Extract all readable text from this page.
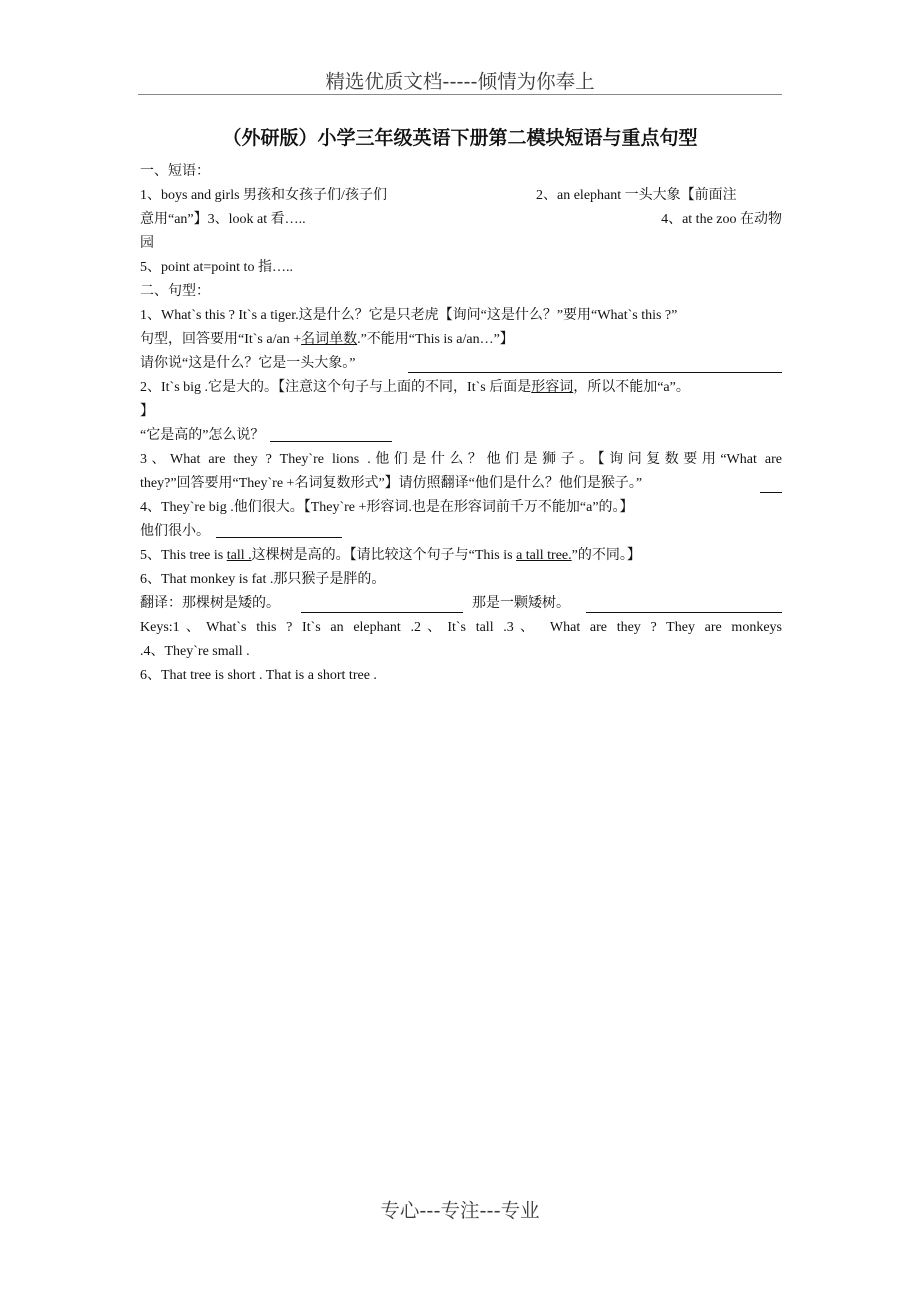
精选优质文档-----倾情为你奉上
（外研版）小学三年级英语下册第二模块短语与重点句型
一、短语：
1、boys and girls 男孩和女孩子们/孩子们	2、an elephant 一头大象【前面注
意用“an”】3、look at 看…..	4、at the zoo 在动物
园
5、point at=point to 指…..
二、句型：
1、What`s this ? It`s a tiger.这是什么？它是只老虎【询问“这是什么？”要用“What`s this ?”
句型，回答要用“It`s a/an +名词单数.”不能用“This is a/an…”】
请你说“这是什么？它是一头大象。”
2、It`s big .它是大的。【注意这个句子与上面的不同，It`s 后面是形容词，所以不能加“a”。
】
“它是高的”怎么说？
3、What are they ? They`re lions .他们是什么？他们是狮子。【询问复数要用“What are
they?”回答要用“They`re +名词复数形式”】请仿照翻译“他们是什么？他们是猴子。”
4、They`re big .他们很大。【They`re +形容词.也是在形容词前千万不能加“a”的。】
他们很小。
5、This tree is tall .这棵树是高的。【请比较这个句子与“This is a tall tree.”的不同。】
6、That monkey is fat .那只猴子是胖的。
翻译：那棵树是矮的。	那是一颗矮树。
Keys:1、What`s this ? It`s an elephant .2、It`s tall .3、 What are they ? They are monkeys
.4、They`re small .
6、That tree is short . That is a short tree .
专心---专注---专业
